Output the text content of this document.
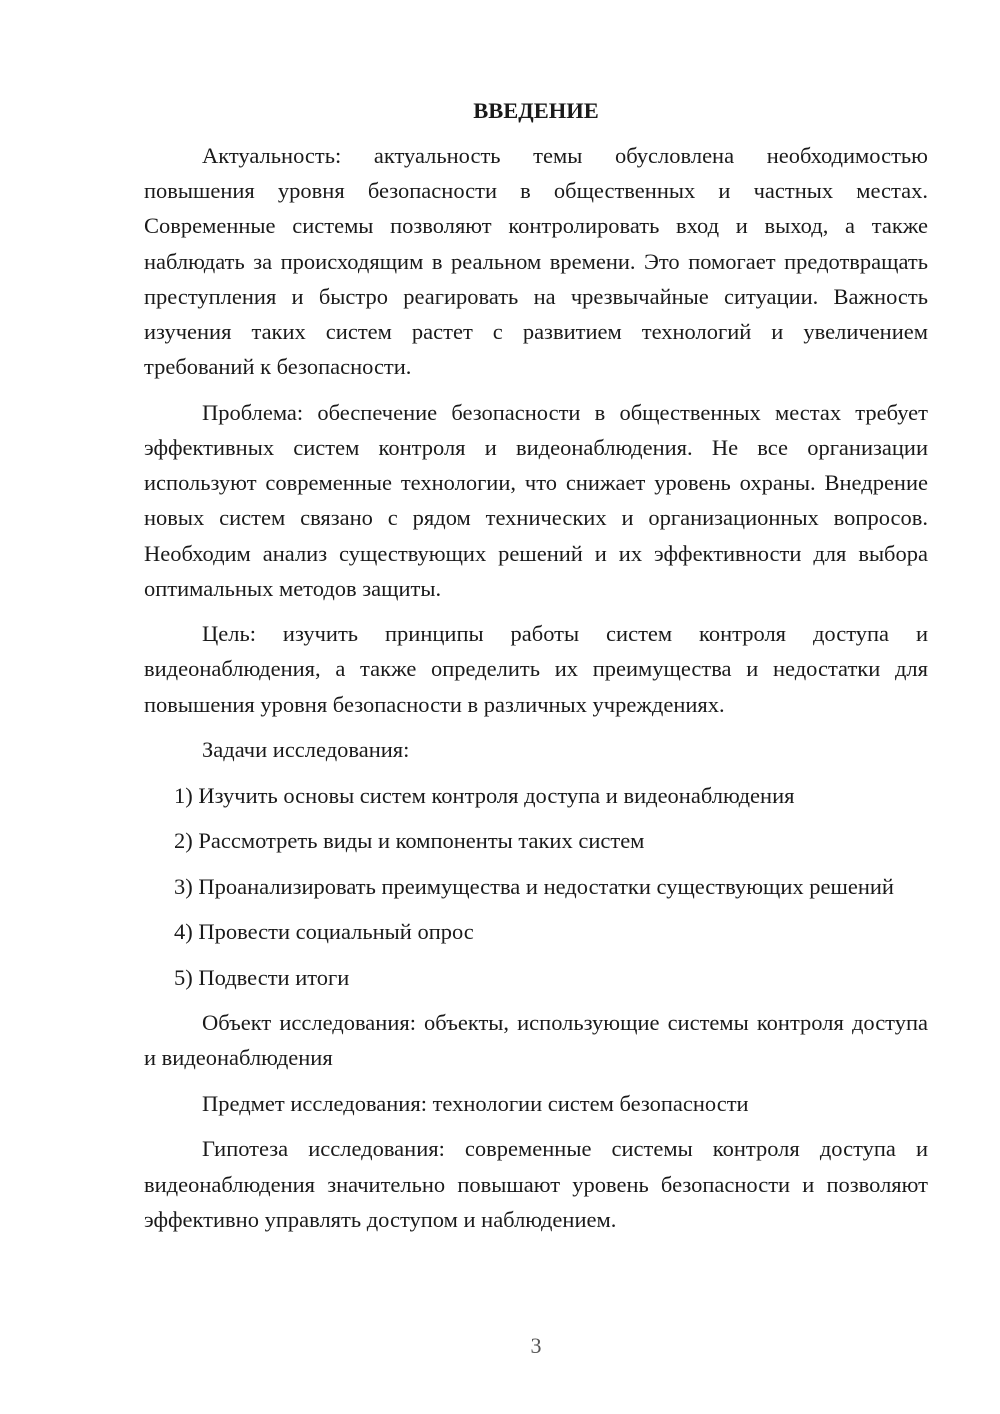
ВВЕДЕНИЕ

Актуальность: актуальность темы обусловлена необходимостью повышения уровня безопасности в общественных и частных местах. Современные системы позволяют контролировать вход и выход, а также наблюдать за происходящим в реальном времени. Это помогает предотвращать преступления и быстро реагировать на чрезвычайные ситуации. Важность изучения таких систем растет с развитием технологий и увеличением требований к безопасности.

Проблема: обеспечение безопасности в общественных местах требует эффективных систем контроля и видеонаблюдения. Не все организации используют современные технологии, что снижает уровень охраны. Внедрение новых систем связано с рядом технических и организационных вопросов. Необходим анализ существующих решений и их эффективности для выбора оптимальных методов защиты.

Цель: изучить принципы работы систем контроля доступа и видеонаблюдения, а также определить их преимущества и недостатки для повышения уровня безопасности в различных учреждениях.

Задачи исследования:

1) Изучить основы систем контроля доступа и видеонаблюдения

2) Рассмотреть виды и компоненты таких систем

3) Проанализировать преимущества и недостатки существующих решений

4) Провести социальный опрос

5) Подвести итоги

Объект исследования: объекты, использующие системы контроля доступа и видеонаблюдения

Предмет исследования: технологии систем безопасности

Гипотеза исследования: современные системы контроля доступа и видеонаблюдения значительно повышают уровень безопасности и позволяют эффективно управлять доступом и наблюдением.

3
